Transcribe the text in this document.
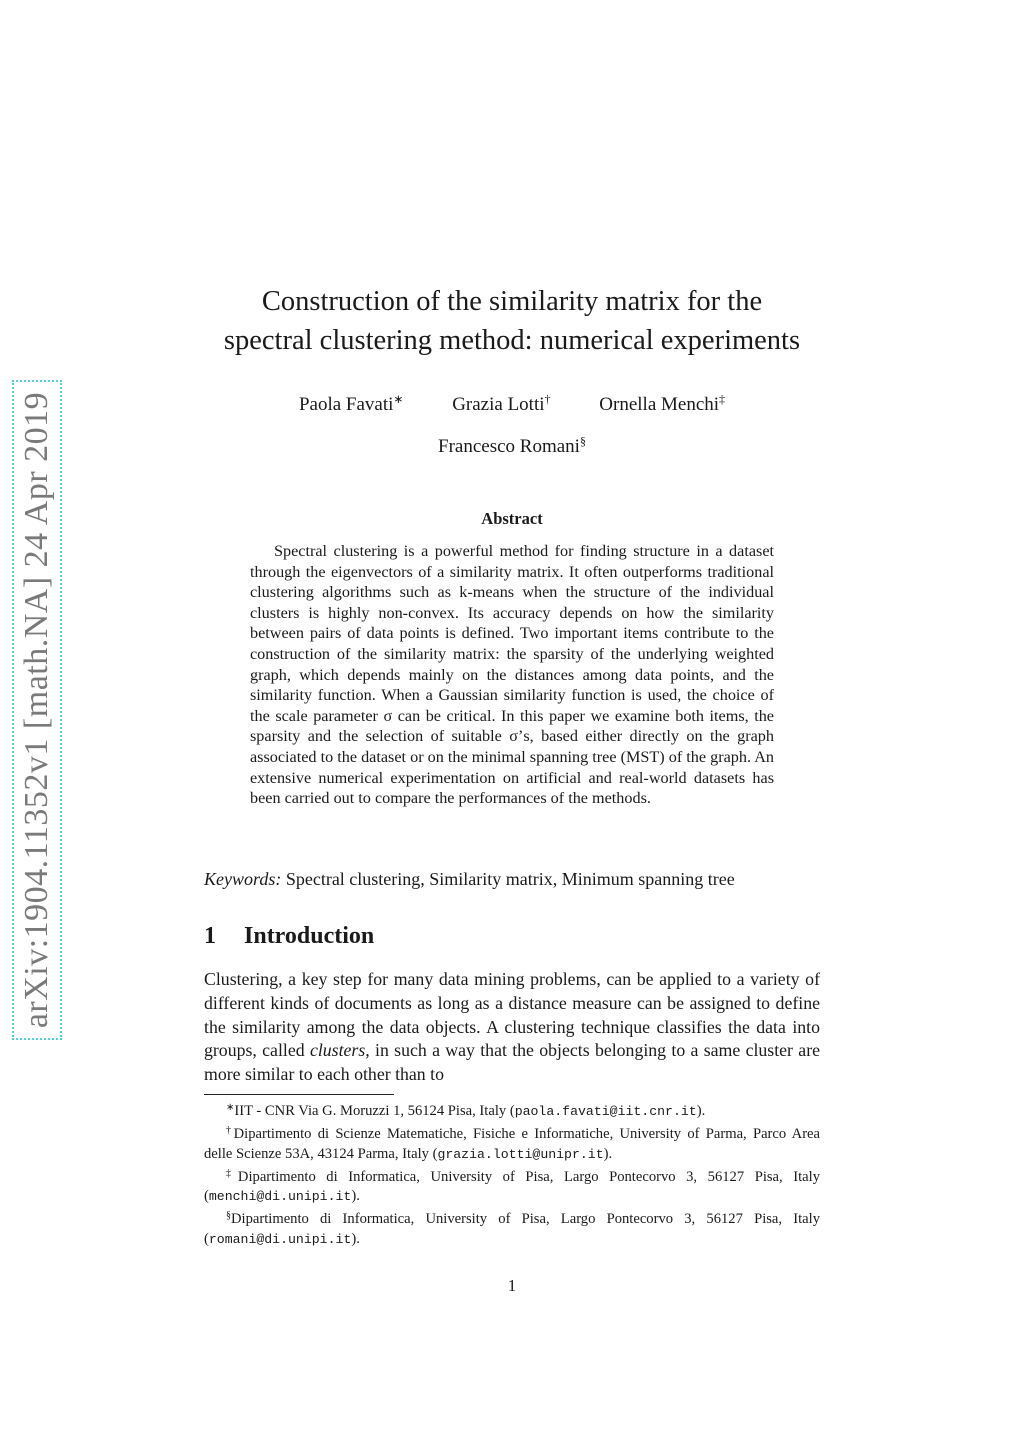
arXiv:1904.11352v1 [math.NA] 24 Apr 2019
Construction of the similarity matrix for the
spectral clustering method: numerical experiments
Paola Favati∗	Grazia Lotti†	Ornella Menchi‡
Francesco Romani§
Abstract

Spectral clustering is a powerful method for finding structure in a dataset through the eigenvectors of a similarity matrix. It often outperforms traditional clustering algorithms such as k-means when the structure of the individual clusters is highly non-convex. Its accuracy depends on how the similarity between pairs of data points is defined. Two important items contribute to the construction of the similarity matrix: the sparsity of the underlying weighted graph, which depends mainly on the distances among data points, and the similarity function. When a Gaussian similarity function is used, the choice of the scale parameter σ can be critical. In this paper we examine both items, the sparsity and the selection of suitable σ’s, based either directly on the graph associated to the dataset or on the minimal spanning tree (MST) of the graph. An extensive numerical experimentation on artificial and real-world datasets has been carried out to compare the performances of the methods.

Keywords: Spectral clustering, Similarity matrix, Minimum spanning tree
1 Introduction

Clustering, a key step for many data mining problems, can be applied to a variety of different kinds of documents as long as a distance measure can be assigned to define the similarity among the data objects. A clustering technique classifies the data into groups, called clusters, in such a way that the objects belonging to a same cluster are more similar to each other than to

∗IIT - CNR Via G. Moruzzi 1, 56124 Pisa, Italy (paola.favati@iit.cnr.it).

†Dipartimento di Scienze Matematiche, Fisiche e Informatiche, University of Parma, Parco Area delle Scienze 53A, 43124 Parma, Italy (grazia.lotti@unipr.it).

‡Dipartimento di Informatica, University of Pisa, Largo Pontecorvo 3, 56127 Pisa, Italy (menchi@di.unipi.it).

§Dipartimento di Informatica, University of Pisa, Largo Pontecorvo 3, 56127 Pisa, Italy (romani@di.unipi.it).

1
